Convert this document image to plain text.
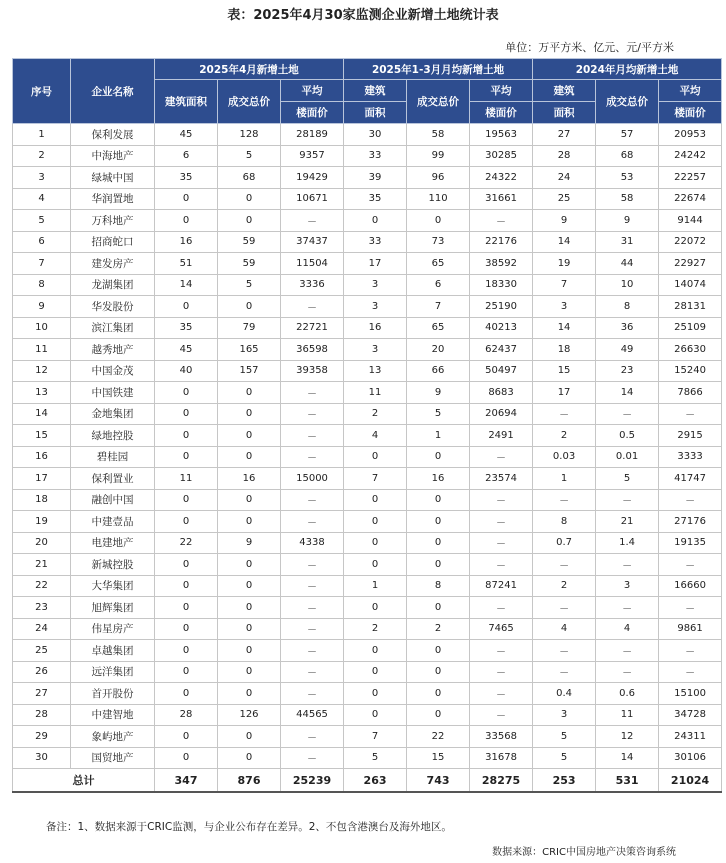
表：2025年4月30家监测企业新增土地统计表
单位：万平方米、亿元、元/平方米
序号	企业名称	2025年4月新增土地			2025年1-3月月均新增土地			2024年月均新增土地		
		建筑面积	成交总价	平均	建筑	成交总价	平均	建筑	成交总价	平均
				楼面价	面积		楼面价	面积		楼面价
1	保利发展	45	128	28189	30	58	19563	27	57	20953
2	中海地产	6	5	9357	33	99	30285	28	68	24242
3	绿城中国	35	68	19429	39	96	24322	24	53	22257
4	华润置地	0	0	10671	35	110	31661	25	58	22674
5	万科地产	0	0	－	0	0	－	9	9	9144
6	招商蛇口	16	59	37437	33	73	22176	14	31	22072
7	建发房产	51	59	11504	17	65	38592	19	44	22927
8	龙湖集团	14	5	3336	3	6	18330	7	10	14074
9	华发股份	0	0	－	3	7	25190	3	8	28131
10	滨江集团	35	79	22721	16	65	40213	14	36	25109
11	越秀地产	45	165	36598	3	20	62437	18	49	26630
12	中国金茂	40	157	39358	13	66	50497	15	23	15240
13	中国铁建	0	0	－	11	9	8683	17	14	7866
14	金地集团	0	0	－	2	5	20694	－	－	－
15	绿地控股	0	0	－	4	1	2491	2	0.5	2915
16	碧桂园	0	0	－	0	0	－	0.03	0.01	3333
17	保利置业	11	16	15000	7	16	23574	1	5	41747
18	融创中国	0	0	－	0	0	－	－	－	－
19	中建壹品	0	0	－	0	0	－	8	21	27176
20	电建地产	22	9	4338	0	0	－	0.7	1.4	19135
21	新城控股	0	0	－	0	0	－	－	－	－
22	大华集团	0	0	－	1	8	87241	2	3	16660
23	旭辉集团	0	0	－	0	0	－	－	－	－
24	伟星房产	0	0	－	2	2	7465	4	4	9861
25	卓越集团	0	0	－	0	0	－	－	－	－
26	远洋集团	0	0	－	0	0	－	－	－	－
27	首开股份	0	0	－	0	0	－	0.4	0.6	15100
28	中建智地	28	126	44565	0	0	－	3	11	34728
29	象屿地产	0	0	－	7	22	33568	5	12	24311
30	国贸地产	0	0	－	5	15	31678	5	14	30106
总计		347	876	25239	263	743	28275	253	531	21024
备注：1、数据来源于CRIC监测，与企业公布存在差异。2、不包含港澳台及海外地区。
数据来源：CRIC中国房地产决策咨询系统
